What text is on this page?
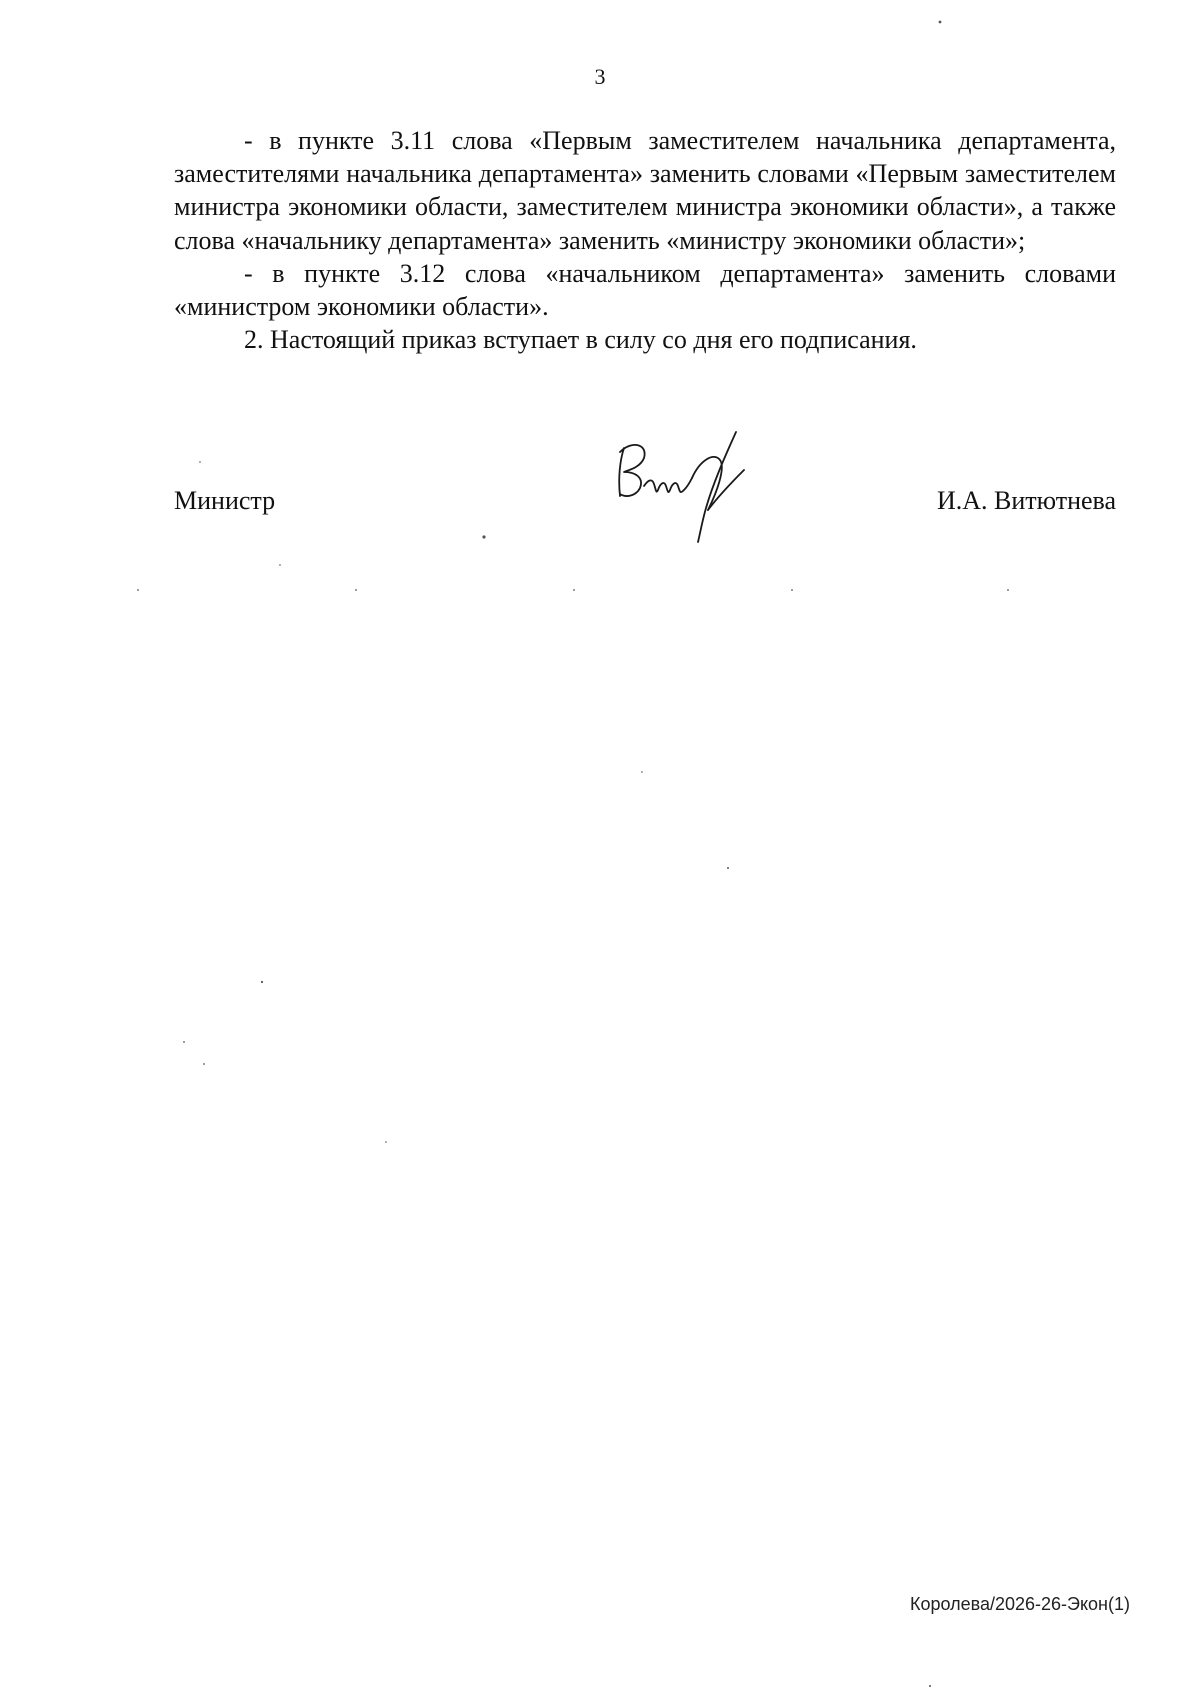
3

- в пункте 3.11 слова «Первым заместителем начальника департамента, заместителями начальника департамента» заменить словами «Первым заместителем министра экономики области, заместителем министра экономики области», а также слова «начальнику департамента» заменить «министру экономики области»;

- в пункте 3.12 слова «начальником департамента» заменить словами «министром экономики области».

2. Настоящий приказ вступает в силу со дня его подписания.

Министр	И.А. Витютнева
Королева/2026-26-Экон(1)
